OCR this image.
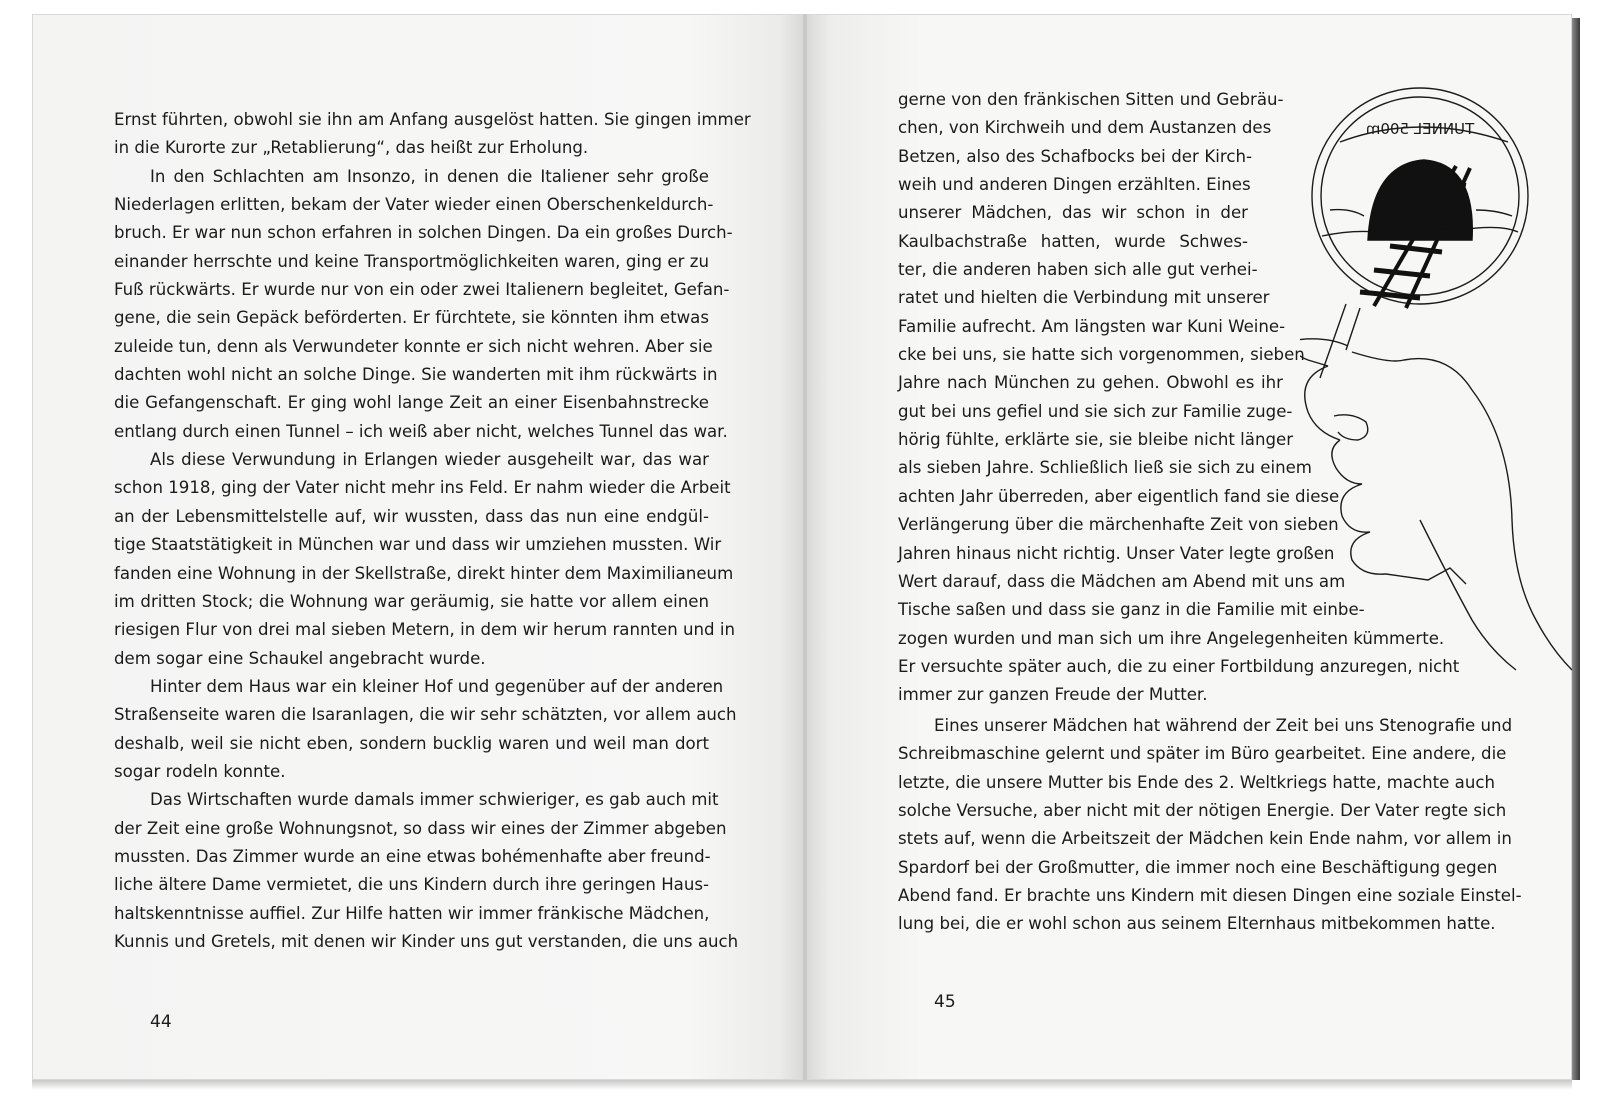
Ernst führten, obwohl sie ihn am Anfang ausgelöst hatten. Sie gingen immer
in die Kurorte zur „Retablierung“, das heißt zur Erholung.
In den Schlachten am Insonzo, in denen die Italiener sehr große
Niederlagen erlitten, bekam der Vater wieder einen Oberschenkeldurch-
bruch. Er war nun schon erfahren in solchen Dingen. Da ein großes Durch-
einander herrschte und keine Transportmöglichkeiten waren, ging er zu
Fuß rückwärts. Er wurde nur von ein oder zwei Italienern begleitet, Gefan-
gene, die sein Gepäck beförderten. Er fürchtete, sie könnten ihm etwas
zuleide tun, denn als Verwundeter konnte er sich nicht wehren. Aber sie
dachten wohl nicht an solche Dinge. Sie wanderten mit ihm rückwärts in
die Gefangenschaft. Er ging wohl lange Zeit an einer Eisenbahnstrecke
entlang durch einen Tunnel – ich weiß aber nicht, welches Tunnel das war.
Als diese Verwundung in Erlangen wieder ausgeheilt war, das war
schon 1918, ging der Vater nicht mehr ins Feld. Er nahm wieder die Arbeit
an der Lebensmittelstelle auf, wir wussten, dass das nun eine endgül-
tige Staatstätigkeit in München war und dass wir umziehen mussten. Wir
fanden eine Wohnung in der Skellstraße, direkt hinter dem Maximilianeum
im dritten Stock; die Wohnung war geräumig, sie hatte vor allem einen
riesigen Flur von drei mal sieben Metern, in dem wir herum rannten und in
dem sogar eine Schaukel angebracht wurde.
Hinter dem Haus war ein kleiner Hof und gegenüber auf der anderen
Straßenseite waren die Isaranlagen, die wir sehr schätzten, vor allem auch
deshalb, weil sie nicht eben, sondern bucklig waren und weil man dort
sogar rodeln konnte.
Das Wirtschaften wurde damals immer schwieriger, es gab auch mit
der Zeit eine große Wohnungsnot, so dass wir eines der Zimmer abgeben
mussten. Das Zimmer wurde an eine etwas bohémenhafte aber freund-
liche ältere Dame vermietet, die uns Kindern durch ihre geringen Haus-
haltskenntnisse auffiel. Zur Hilfe hatten wir immer fränkische Mädchen,
Kunnis und Gretels, mit denen wir Kinder uns gut verstanden, die uns auch
44
TUNNEL 500m
gerne von den fränkischen Sitten und Gebräu-
chen, von Kirchweih und dem Austanzen des
Betzen, also des Schafbocks bei der Kirch-
weih und anderen Dingen erzählten. Eines
unserer Mädchen, das wir schon in der
Kaulbachstraße hatten, wurde Schwes-
ter, die anderen haben sich alle gut verhei-
ratet und hielten die Verbindung mit unserer
Familie aufrecht. Am längsten war Kuni Weine-
cke bei uns, sie hatte sich vorgenommen, sieben
Jahre nach München zu gehen. Obwohl es ihr
gut bei uns gefiel und sie sich zur Familie zuge-
hörig fühlte, erklärte sie, sie bleibe nicht länger
als sieben Jahre. Schließlich ließ sie sich zu einem
achten Jahr überreden, aber eigentlich fand sie diese
Verlängerung über die märchenhafte Zeit von sieben
Jahren hinaus nicht richtig. Unser Vater legte großen
Wert darauf, dass die Mädchen am Abend mit uns am
Tische saßen und dass sie ganz in die Familie mit einbe-
zogen wurden und man sich um ihre Angelegenheiten kümmerte.
Er versuchte später auch, die zu einer Fortbildung anzuregen, nicht
immer zur ganzen Freude der Mutter.
Eines unserer Mädchen hat während der Zeit bei uns Stenografie und
Schreibmaschine gelernt und später im Büro gearbeitet. Eine andere, die
letzte, die unsere Mutter bis Ende des 2. Weltkriegs hatte, machte auch
solche Versuche, aber nicht mit der nötigen Energie. Der Vater regte sich
stets auf, wenn die Arbeitszeit der Mädchen kein Ende nahm, vor allem in
Spardorf bei der Großmutter, die immer noch eine Beschäftigung gegen
Abend fand. Er brachte uns Kindern mit diesen Dingen eine soziale Einstel-
lung bei, die er wohl schon aus seinem Elternhaus mitbekommen hatte.
45
